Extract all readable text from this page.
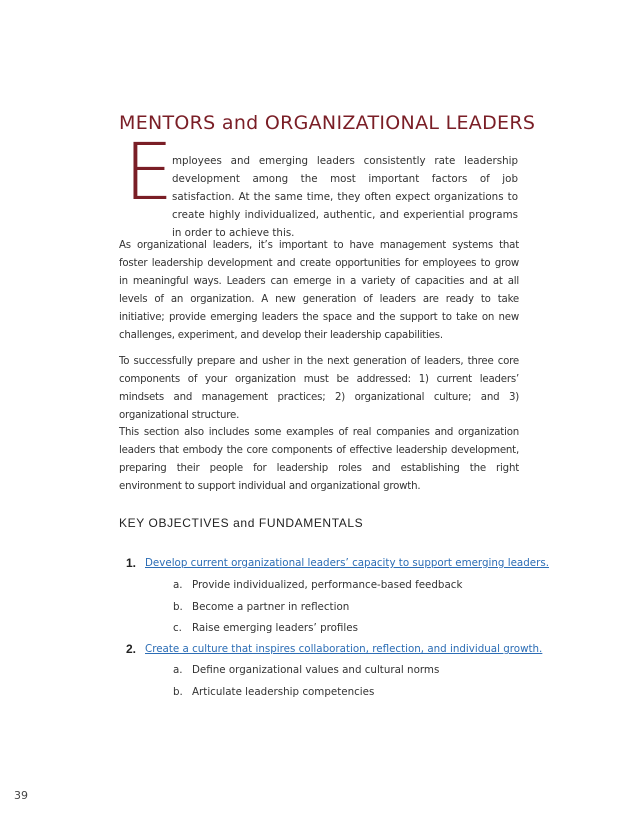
MENTORS and ORGANIZATIONAL LEADERS
E
mployees and emerging leaders consistently rate leadership development among the most important factors of job satisfaction. At the same time, they often expect organizations to create highly individualized, authentic, and experiential programs in order to achieve this.
As organizational leaders, it’s important to have management systems that foster leadership development and create opportunities for employees to grow in meaningful ways. Leaders can emerge in a variety of capacities and at all levels of an organization. A new generation of leaders are ready to take initiative; provide emerging leaders the space and the support to take on new challenges, experiment, and develop their leadership capabilities.
To successfully prepare and usher in the next generation of leaders, three core components of your organization must be addressed: 1) current leaders’ mindsets and management practices; 2) organizational culture; and 3) organizational structure.
This section also includes some examples of real companies and organization leaders that embody the core components of effective leadership development, preparing their people for leadership roles and establishing the right environment to support individual and organizational growth.
KEY OBJECTIVES and FUNDAMENTALS
1. Develop current organizational leaders’ capacity to support emerging leaders.
a. Provide individualized, performance-based feedback
b. Become a partner in reflection
c. Raise emerging leaders’ profiles
2. Create a culture that inspires collaboration, reflection, and individual growth.
a. Define organizational values and cultural norms
b. Articulate leadership competencies
39
